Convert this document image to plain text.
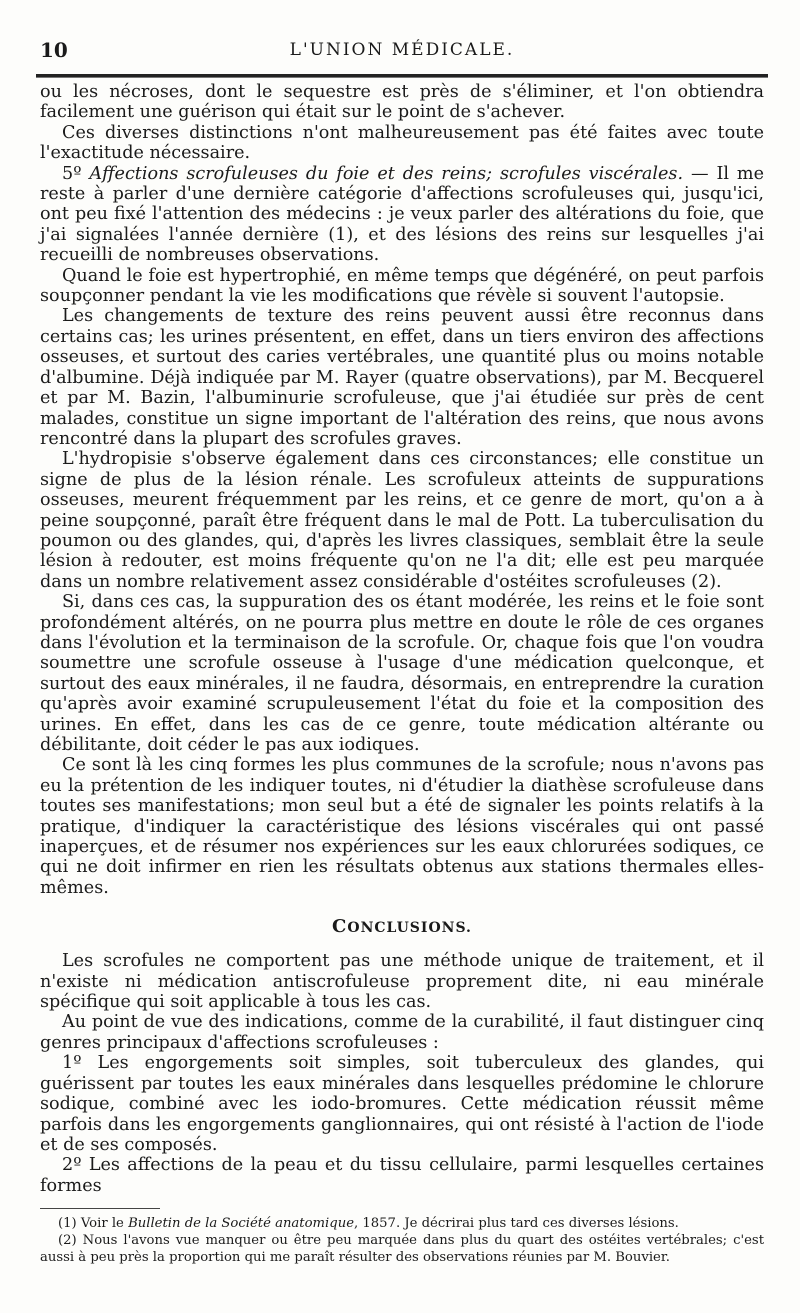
10	L'UNION MÉDICALE.

ou les nécroses, dont le sequestre est près de s'éliminer, et l'on obtiendra facilement une guérison qui était sur le point de s'achever.

Ces diverses distinctions n'ont malheureusement pas été faites avec toute l'exactitude nécessaire.

5º Affections scrofuleuses du foie et des reins; scrofules viscérales. — Il me reste à parler d'une dernière catégorie d'affections scrofuleuses qui, jusqu'ici, ont peu fixé l'attention des médecins : je veux parler des altérations du foie, que j'ai signalées l'année dernière (1), et des lésions des reins sur lesquelles j'ai recueilli de nombreuses observations.

Quand le foie est hypertrophié, en même temps que dégénéré, on peut parfois soupçonner pendant la vie les modifications que révèle si souvent l'autopsie.

Les changements de texture des reins peuvent aussi être reconnus dans certains cas; les urines présentent, en effet, dans un tiers environ des affections osseuses, et surtout des caries vertébrales, une quantité plus ou moins notable d'albumine. Déjà indiquée par M. Rayer (quatre observations), par M. Becquerel et par M. Bazin, l'albuminurie scrofuleuse, que j'ai étudiée sur près de cent malades, constitue un signe important de l'altération des reins, que nous avons rencontré dans la plupart des scrofules graves.

L'hydropisie s'observe également dans ces circonstances; elle constitue un signe de plus de la lésion rénale. Les scrofuleux atteints de suppurations osseuses, meurent fréquemment par les reins, et ce genre de mort, qu'on a à peine soupçonné, paraît être fréquent dans le mal de Pott. La tuberculisation du poumon ou des glandes, qui, d'après les livres classiques, semblait être la seule lésion à redouter, est moins fréquente qu'on ne l'a dit; elle est peu marquée dans un nombre relativement assez considérable d'ostéites scrofuleuses (2).

Si, dans ces cas, la suppuration des os étant modérée, les reins et le foie sont profondément altérés, on ne pourra plus mettre en doute le rôle de ces organes dans l'évolution et la terminaison de la scrofule. Or, chaque fois que l'on voudra soumettre une scrofule osseuse à l'usage d'une médication quelconque, et surtout des eaux minérales, il ne faudra, désormais, en entreprendre la curation qu'après avoir examiné scrupuleusement l'état du foie et la composition des urines. En effet, dans les cas de ce genre, toute médication altérante ou débilitante, doit céder le pas aux iodiques.

Ce sont là les cinq formes les plus communes de la scrofule; nous n'avons pas eu la prétention de les indiquer toutes, ni d'étudier la diathèse scrofuleuse dans toutes ses manifestations; mon seul but a été de signaler les points relatifs à la pratique, d'indiquer la caractéristique des lésions viscérales qui ont passé inaperçues, et de résumer nos expériences sur les eaux chlorurées sodiques, ce qui ne doit infirmer en rien les résultats obtenus aux stations thermales elles-mêmes.

CONCLUSIONS.

Les scrofules ne comportent pas une méthode unique de traitement, et il n'existe ni médication antiscrofuleuse proprement dite, ni eau minérale spécifique qui soit applicable à tous les cas.

Au point de vue des indications, comme de la curabilité, il faut distinguer cinq genres principaux d'affections scrofuleuses :

1º Les engorgements soit simples, soit tuberculeux des glandes, qui guérissent par toutes les eaux minérales dans lesquelles prédomine le chlorure sodique, combiné avec les iodo-bromures. Cette médication réussit même parfois dans les engorgements ganglionnaires, qui ont résisté à l'action de l'iode et de ses composés.

2º Les affections de la peau et du tissu cellulaire, parmi lesquelles certaines formes

(1) Voir le Bulletin de la Société anatomique, 1857. Je décrirai plus tard ces diverses lésions.

(2) Nous l'avons vue manquer ou être peu marquée dans plus du quart des ostéites vertébrales; c'est aussi à peu près la proportion qui me paraît résulter des observations réunies par M. Bouvier.
